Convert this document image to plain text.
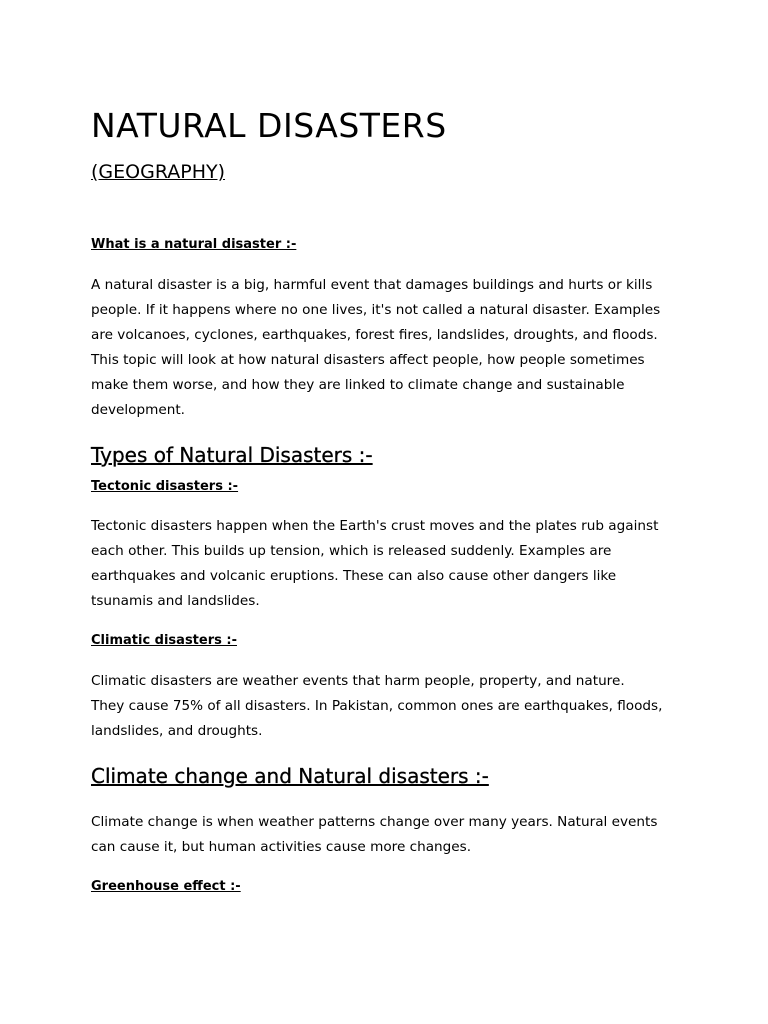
NATURAL DISASTERS
(GEOGRAPHY)
What is a natural disaster :-
A natural disaster is a big, harmful event that damages buildings and hurts or kills
people. If it happens where no one lives, it's not called a natural disaster. Examples
are volcanoes, cyclones, earthquakes, forest fires, landslides, droughts, and floods.
This topic will look at how natural disasters affect people, how people sometimes
make them worse, and how they are linked to climate change and sustainable
development.
Types of Natural Disasters :-
Tectonic disasters :-
Tectonic disasters happen when the Earth's crust moves and the plates rub against
each other. This builds up tension, which is released suddenly. Examples are
earthquakes and volcanic eruptions. These can also cause other dangers like
tsunamis and landslides.
Climatic disasters :-
Climatic disasters are weather events that harm people, property, and nature.
They cause 75% of all disasters. In Pakistan, common ones are earthquakes, floods,
landslides, and droughts.
Climate change and Natural disasters :-
Climate change is when weather patterns change over many years. Natural events
can cause it, but human activities cause more changes.
Greenhouse effect :-
